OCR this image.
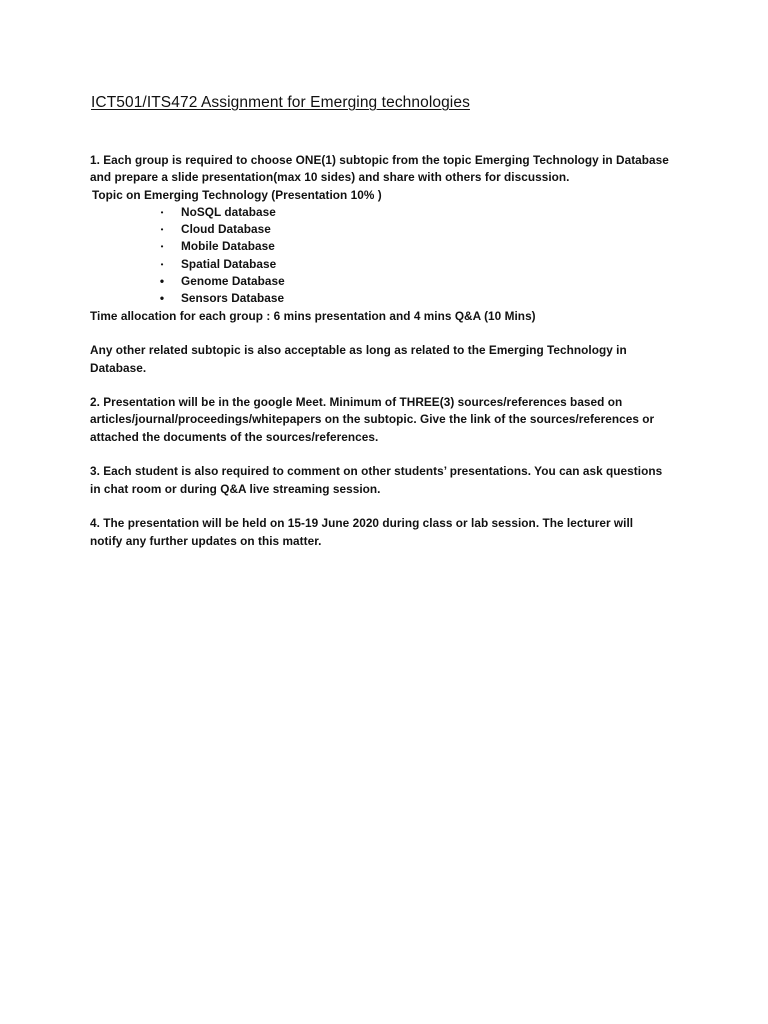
ICT501/ITS472 Assignment for Emerging technologies

1. Each group is required to choose ONE(1) subtopic from the topic Emerging Technology in Database

and prepare a slide presentation(max 10 sides) and share with others for discussion.

Topic on Emerging Technology (Presentation 10% )

•	NoSQL database
•	Cloud Database
•	Mobile Database
•	Spatial Database
• Genome Database
• Sensors Database

Time allocation for each group : 6 mins presentation and 4 mins Q&A (10 Mins)

Any other related subtopic is also acceptable as long as related to the Emerging Technology in

Database.

2. Presentation will be in the google Meet. Minimum of THREE(3) sources/references based on

articles/journal/proceedings/whitepapers on the subtopic. Give the link of the sources/references or

attached the documents of the sources/references.

3. Each student is also required to comment on other students’ presentations. You can ask questions

in chat room or during Q&A live streaming session.

4. The presentation will be held on 15-19 June 2020 during class or lab session. The lecturer will

notify any further updates on this matter.
